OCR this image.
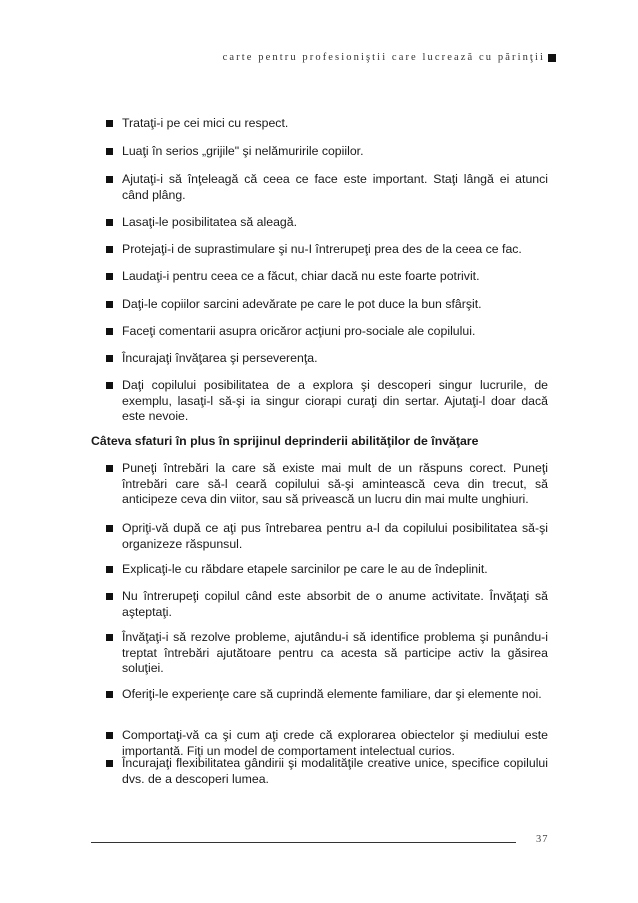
carte pentru profesioniştii care lucrează cu părinţii
Trataţi-i pe cei mici cu respect.
Luaţi în serios „grijile" şi nelămuririle copiilor.
Ajutaţi-i să înţeleagă că ceea ce face este important. Staţi lângă ei atunci când plâng.
Lasaţi-le posibilitatea să aleagă.
Protejaţi-i de suprastimulare şi nu-I întrerupeţi prea des de la ceea ce fac.
Laudaţi-i pentru ceea ce a făcut, chiar dacă nu este foarte potrivit.
Daţi-le copiilor sarcini adevărate pe care le pot duce la bun sfârşit.
Faceţi comentarii asupra oricăror acţiuni pro-sociale ale copilului.
Încurajaţi învăţarea şi perseverenţa.
Daţi copilului posibilitatea de a explora şi descoperi singur lucrurile, de exemplu, lasaţi-l să-şi ia singur ciorapi curaţi din sertar. Ajutaţi-l doar dacă este nevoie.
Câteva sfaturi în plus în sprijinul deprinderii abilităţilor de învăţare
Puneţi întrebări la care să existe mai mult de un răspuns corect. Puneţi întrebări care să-l ceară copilului să-şi amintească ceva din trecut, să anticipeze ceva din viitor, sau să privească un lucru din mai multe unghiuri.
Opriţi-vă după ce aţi pus întrebarea pentru a-l da copilului posibilitatea să-şi organizeze răspunsul.
Explicaţi-le cu răbdare etapele sarcinilor pe care le au de îndeplinit.
Nu întrerupeţi copilul când este absorbit de o anume activitate. Învăţaţi să aşteptaţi.
Învăţaţi-i să rezolve probleme, ajutându-i să identifice problema şi punându-i treptat întrebări ajutătoare pentru ca acesta să participe activ la găsirea soluţiei.
Oferiţi-le experienţe care să cuprindă elemente familiare, dar şi elemente noi.
Comportaţi-vă ca şi cum aţi crede că explorarea obiectelor şi mediului este importantă. Fiţi un model de comportament intelectual curios.
Încurajaţi flexibilitatea gândirii şi modalităţile creative unice, specifice copilului dvs. de a descoperi lumea.
37
